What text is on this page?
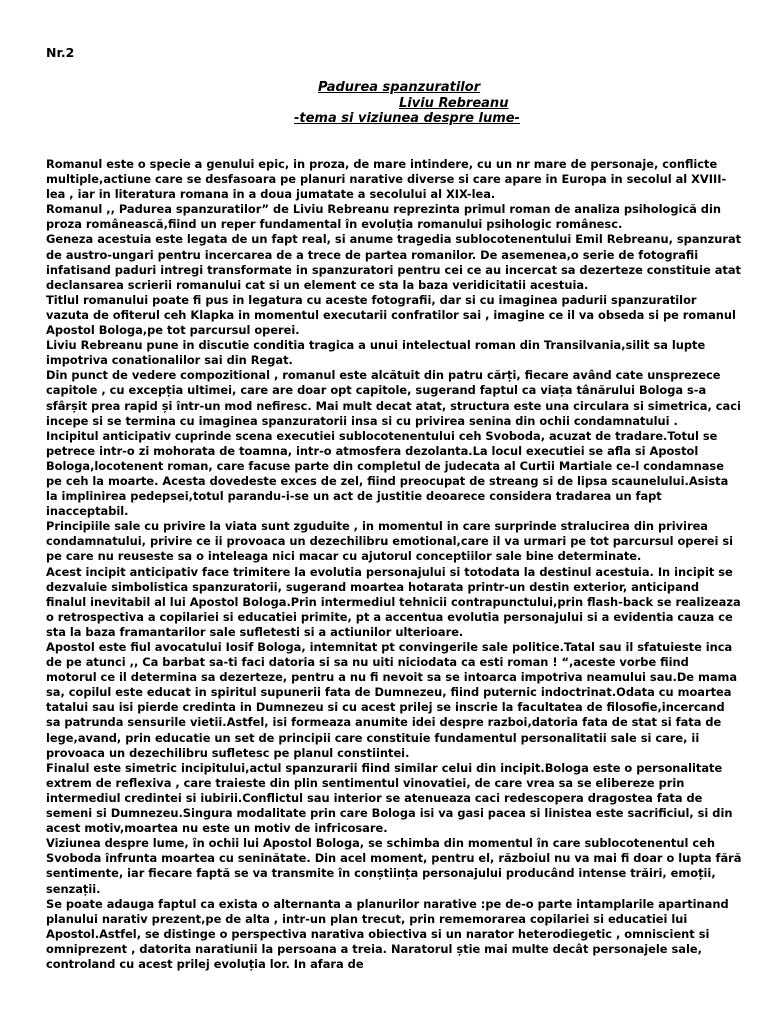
Nr.2
Padurea spanzuratilor
Liviu Rebreanu
-tema si viziunea despre lume-

Romanul este o specie a genului epic, in proza, de mare intindere, cu un nr mare de personaje, conflicte multiple,actiune care se desfasoara pe planuri narative diverse si care apare in Europa in secolul al XVIII-lea , iar in literatura romana in a doua jumatate a secolului al XIX-lea.

Romanul ,, Padurea spanzuratilor” de Liviu Rebreanu reprezinta primul roman de analiza psihologică din proza românească,fiind un reper fundamental în evoluția romanului psihologic românesc.

Geneza acestuia este legata de un fapt real, si anume tragedia sublocotenentului Emil Rebreanu, spanzurat de austro-ungari pentru incercarea de a trece de partea romanilor. De asemenea,o serie de fotografii infatisand paduri intregi transformate in spanzuratori pentru cei ce au incercat sa dezerteze constituie atat declansarea scrierii romanului cat si un element ce sta la baza veridicitatii acestuia.

Titlul romanului poate fi pus in legatura cu aceste fotografii, dar si cu imaginea padurii spanzuratilor vazuta de ofiterul ceh Klapka in momentul executarii confratilor sai , imagine ce il va obseda si pe romanul Apostol Bologa,pe tot parcursul operei.

Liviu Rebreanu pune in discutie conditia tragica a unui intelectual roman din Transilvania,silit sa lupte impotriva conationalilor sai din Regat.

Din punct de vedere compozitional , romanul este alcătuit din patru cărți, fiecare având cate unsprezece capitole , cu excepția ultimei, care are doar opt capitole, sugerand faptul ca viața tânărului Bologa s-a sfârșit prea rapid și într-un mod nefiresc. Mai mult decat atat, structura este una circulara si simetrica, caci incepe si se termina cu imaginea spanzuratorii insa si cu privirea senina din ochii condamnatului .

Incipitul anticipativ cuprinde scena executiei sublocotenentului ceh Svoboda, acuzat de tradare.Totul se petrece intr-o zi mohorata de toamna, intr-o atmosfera dezolanta.La locul executiei se afla si Apostol Bologa,locotenent roman, care facuse parte din completul de judecata al Curtii Martiale ce-l condamnase pe ceh la moarte. Acesta dovedeste exces de zel, fiind preocupat de streang si de lipsa scaunelului.Asista la implinirea pedepsei,totul parandu-i-se un act de justitie deoarece considera tradarea un fapt inacceptabil.

Principiile sale cu privire la viata sunt zguduite , in momentul in care surprinde stralucirea din privirea condamnatului, privire ce ii provoaca un dezechilibru emotional,care il va urmari pe tot parcursul operei si pe care nu reuseste sa o inteleaga nici macar cu ajutorul conceptiilor sale bine determinate.

Acest incipit anticipativ face trimitere la evolutia personajului si totodata la destinul acestuia. In incipit se dezvaluie simbolistica spanzuratorii, sugerand moartea hotarata printr-un destin exterior, anticipand finalul inevitabil al lui Apostol Bologa.Prin intermediul tehnicii contrapunctului,prin flash-back se realizeaza o retrospectiva a copilariei si educatiei primite, pt a accentua evolutia personajului si a evidentia cauza ce sta la baza framantarilor sale sufletesti si a actiunilor ulterioare.

Apostol este fiul avocatului Iosif Bologa, intemnitat pt convingerile sale politice.Tatal sau il sfatuieste inca de pe atunci ,, Ca barbat sa-ti faci datoria si sa nu uiti niciodata ca esti roman ! “,aceste vorbe fiind motorul ce il determina sa dezerteze, pentru a nu fi nevoit sa se intoarca impotriva neamului sau.De mama sa, copilul este educat in spiritul supunerii fata de Dumnezeu, fiind puternic indoctrinat.Odata cu moartea tatalui sau isi pierde credinta in Dumnezeu si cu acest prilej se inscrie la facultatea de filosofie,incercand sa patrunda sensurile vietii.Astfel, isi formeaza anumite idei despre razboi,datoria fata de stat si fata de lege,avand, prin educatie un set de principii care constituie fundamentul personalitatii sale si care, ii provoaca un dezechilibru sufletesc pe planul constiintei.

Finalul este simetric incipitului,actul spanzurarii fiind similar celui din incipit.Bologa este o personalitate extrem de reflexiva , care traieste din plin sentimentul vinovatiei, de care vrea sa se elibereze prin intermediul credintei si iubirii.Conflictul sau interior se atenueaza caci redescopera dragostea fata de semeni si Dumnezeu.Singura modalitate prin care Bologa isi va gasi pacea si linistea este sacrificiul, si din acest motiv,moartea nu este un motiv de infricosare.

Viziunea despre lume, în ochii lui Apostol Bologa, se schimba din momentul în care sublocotenentul ceh Svoboda înfrunta moartea cu seninătate. Din acel moment, pentru el, războiul nu va mai fi doar o lupta fără sentimente, iar fiecare faptă se va transmite în conștiința personajului producând intense trăiri, emoții, senzații.

Se poate adauga faptul ca exista o alternanta a planurilor narative :pe de-o parte intamplarile apartinand planului narativ prezent,pe de alta , intr-un plan trecut, prin rememorarea copilariei si educatiei lui Apostol.Astfel, se distinge o perspectiva narativa obiectiva si un narator heterodiegetic , omniscient si omniprezent , datorita naratiunii la persoana a treia. Naratorul știe mai multe decât personajele sale, controland cu acest prilej evoluția lor. In afara de
